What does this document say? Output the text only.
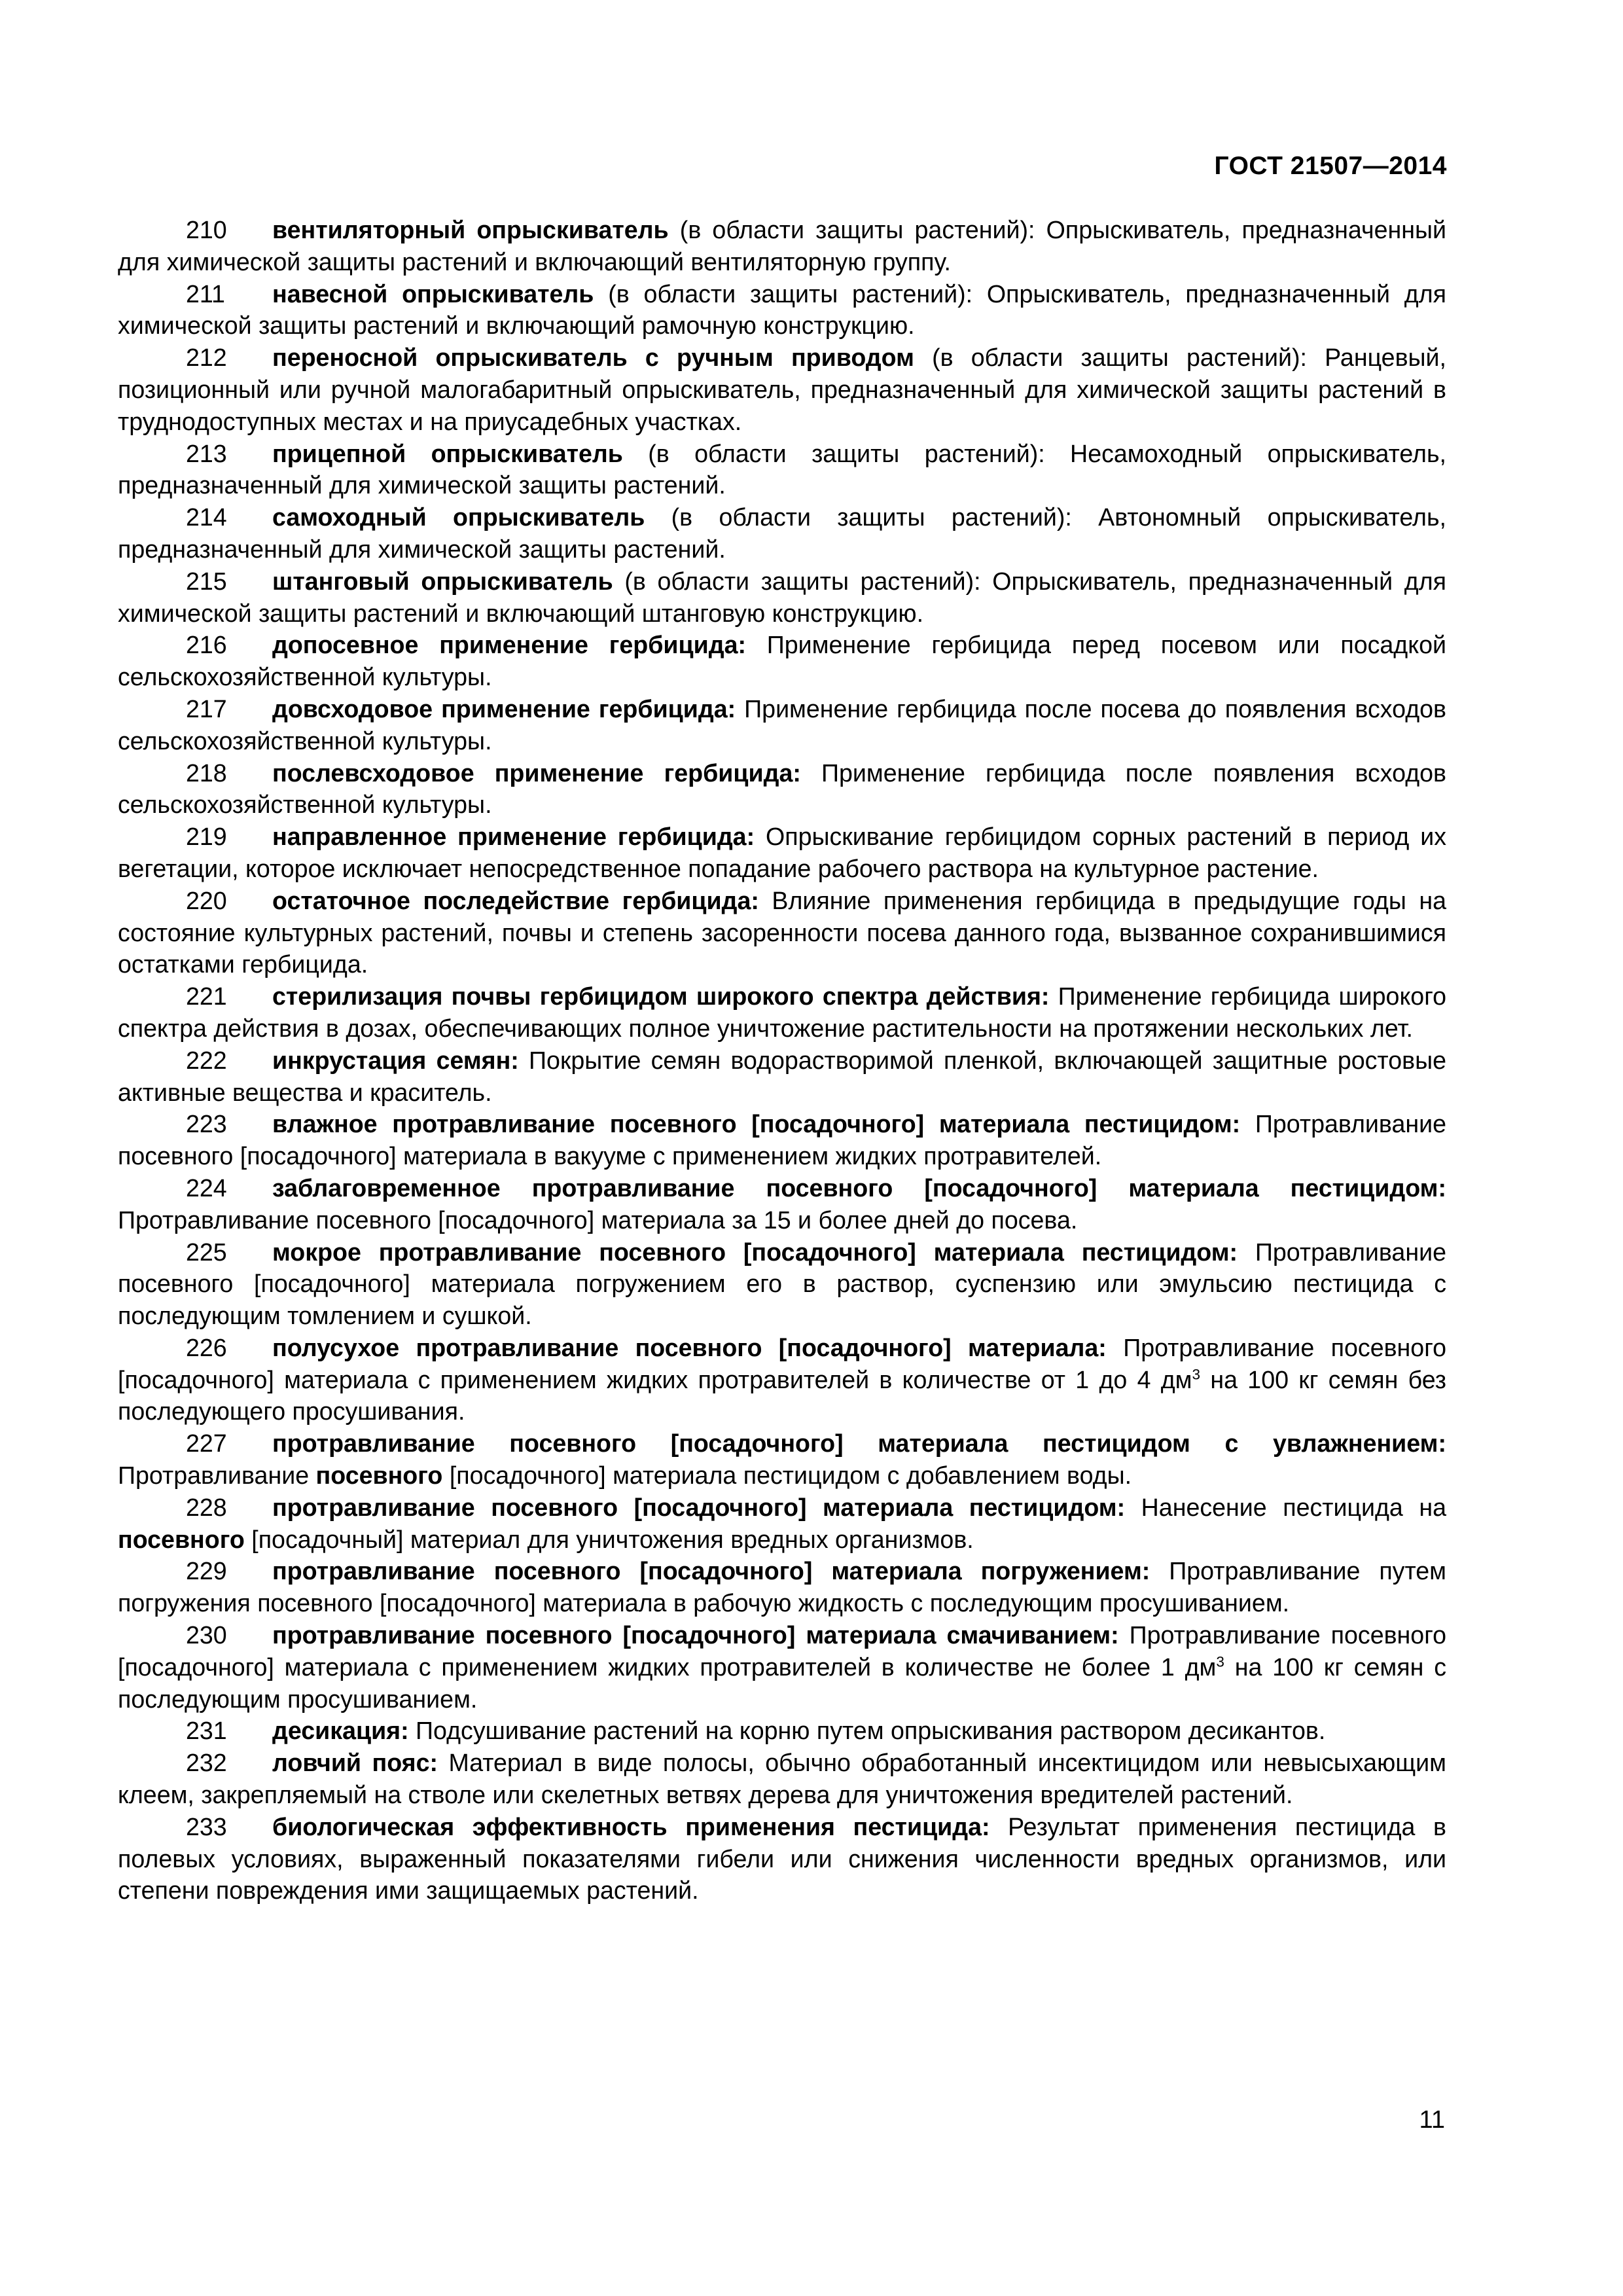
ГОСТ 21507—2014

210 вентиляторный опрыскиватель (в области защиты растений): Опрыскиватель, предназначенный для химической защиты растений и включающий вентиляторную группу.

211 навесной опрыскиватель (в области защиты растений): Опрыскиватель, предназначенный для химической защиты растений и включающий рамочную конструкцию.

212 переносной опрыскиватель с ручным приводом (в области защиты растений): Ранцевый, позиционный или ручной малогабаритный опрыскиватель, предназначенный для химической защиты растений в труднодоступных местах и на приусадебных участках.

213 прицепной опрыскиватель (в области защиты растений): Несамоходный опрыскиватель, предназначенный для химической защиты растений.

214 самоходный опрыскиватель (в области защиты растений): Автономный опрыскиватель, предназначенный для химической защиты растений.

215 штанговый опрыскиватель (в области защиты растений): Опрыскиватель, предназначенный для химической защиты растений и включающий штанговую конструкцию.

216 допосевное применение гербицида: Применение гербицида перед посевом или посадкой сельскохозяйственной культуры.

217 довсходовое применение гербицида: Применение гербицида после посева до появления всходов сельскохозяйственной культуры.

218 послевсходовое применение гербицида: Применение гербицида после появления всходов сельскохозяйственной культуры.

219 направленное применение гербицида: Опрыскивание гербицидом сорных растений в период их вегетации, которое исключает непосредственное попадание рабочего раствора на культурное растение.

220 остаточное последействие гербицида: Влияние применения гербицида в предыдущие годы на состояние культурных растений, почвы и степень засоренности посева данного года, вызванное сохранившимися остатками гербицида.

221 стерилизация почвы гербицидом широкого спектра действия: Применение гербицида широкого спектра действия в дозах, обеспечивающих полное уничтожение растительности на протяжении нескольких лет.

222 инкрустация семян: Покрытие семян водорастворимой пленкой, включающей защитные ростовые активные вещества и краситель.

223 влажное протравливание посевного [посадочного] материала пестицидом: Протравливание посевного [посадочного] материала в вакууме с применением жидких протравителей.

224 заблаговременное протравливание посевного [посадочного] материала пестицидом: Протравливание посевного [посадочного] материала за 15 и более дней до посева.

225 мокрое протравливание посевного [посадочного] материала пестицидом: Протравливание посевного [посадочного] материала погружением его в раствор, суспензию или эмульсию пестицида с последующим томлением и сушкой.

226 полусухое протравливание посевного [посадочного] материала: Протравливание посевного [посадочного] материала с применением жидких протравителей в количестве от 1 до 4 $дм^3$ на 100 кг семян без последующего просушивания.

227 протравливание посевного [посадочного] материала пестицидом с увлажнением: Протравливание посевного [посадочного] материала пестицидом с добавлением воды.

228 протравливание посевного [посадочного] материала пестицидом: Нанесение пестицида на посевного [посадочный] материал для уничтожения вредных организмов.

229 протравливание посевного [посадочного] материала погружением: Протравливание путем погружения посевного [посадочного] материала в рабочую жидкость с последующим просушиванием.

230 протравливание посевного [посадочного] материала смачиванием: Протравливание посевного [посадочного] материала с применением жидких протравителей в количестве не более 1 $дм^3$ на 100 кг семян с последующим просушиванием.

231 десикация: Подсушивание растений на корню путем опрыскивания раствором десикантов.

232 ловчий пояс: Материал в виде полосы, обычно обработанный инсектицидом или невысыхающим клеем, закрепляемый на стволе или скелетных ветвях дерева для уничтожения вредителей растений.

233 биологическая эффективность применения пестицида: Результат применения пестицида в полевых условиях, выраженный показателями гибели или снижения численности вредных организмов, или степени повреждения ими защищаемых растений.

11
